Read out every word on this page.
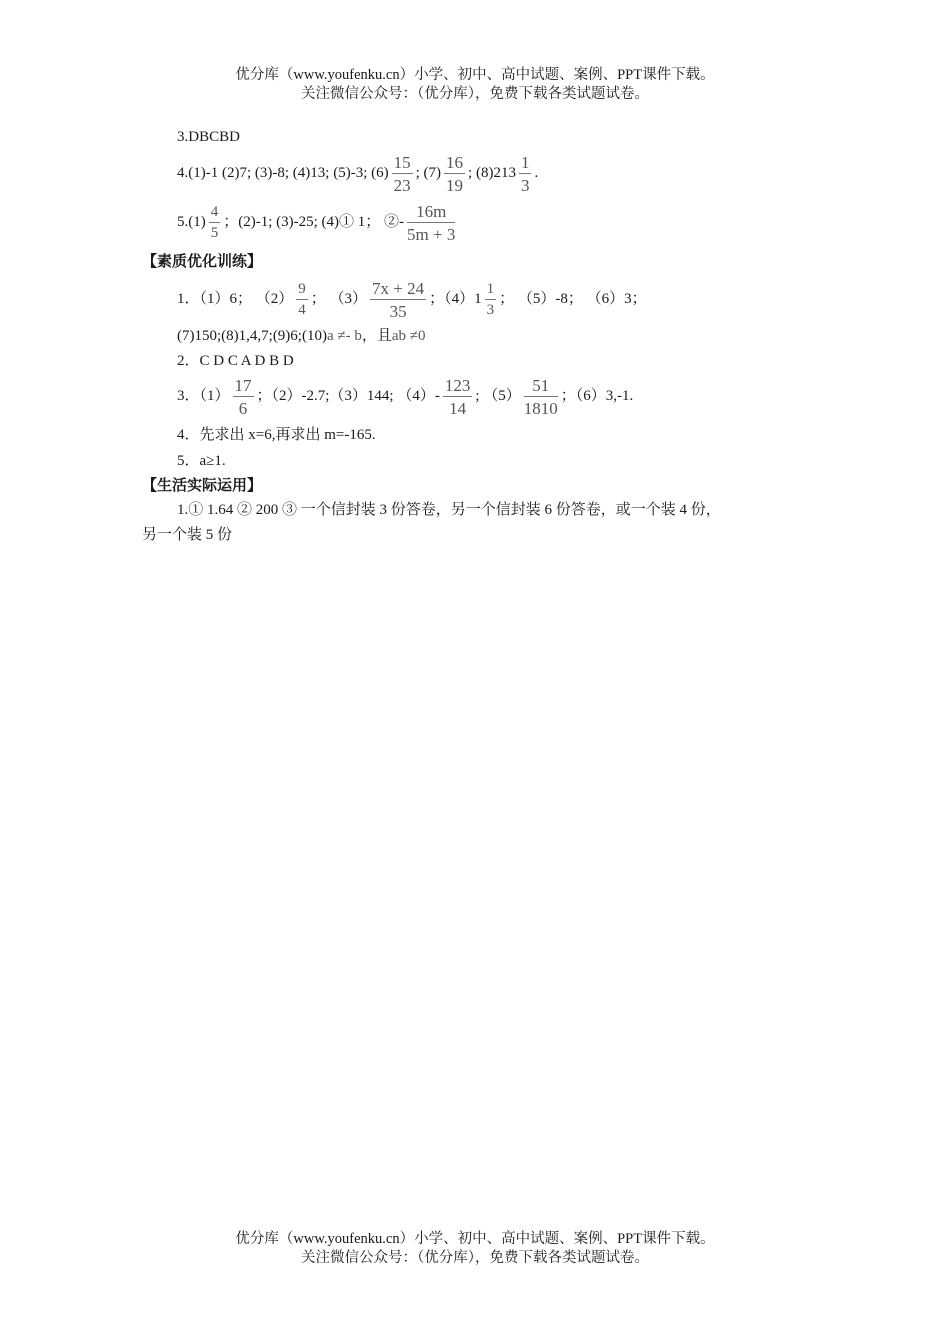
优分库（www.youfenku.cn）小学、初中、高中试题、案例、PPT课件下载。
关注微信公众号：（优分库），免费下载各类试题试卷。
3.DBCBD
4.(1)-1 (2)7; (3)-8; (4)13; (5)-3; $(6) \frac{15}{23}$ ; $(7) \frac{16}{19}$ ; $(8)213 \frac{1}{3}$ .
$5.(1) \frac{4}{5}$ ；(2)-1; (3)-25; (4)① 1； ②- $\frac{16m}{5m + 3}$
【素质优化训练】
1．（1）6； $(2) \frac{9}{4}$ ； $(3) \frac{7x + 24}{35}$ ；$(4)1 \frac{1}{3}$ ； （5）-8； （6）3；
(7)150;(8)1,4,7;(9)6;(10)a ≠- b，且ab ≠0
2．C D C A D B D
3．$(1) \frac{17}{6}$ ；（2）-2.7;（3）144; $(4)- \frac{123}{14}$ ; $(5) \frac{51}{1810}$ ；（6）3,-1.
4．先求出 x=6,再求出 m=-165.
5．a≥1.
【生活实际运用】
1.① 1.64 ② 200 ③ 一个信封装 3 份答卷，另一个信封装 6 份答卷，或一个装 4 份，
另一个装 5 份
优分库（www.youfenku.cn）小学、初中、高中试题、案例、PPT课件下载。
关注微信公众号：（优分库），免费下载各类试题试卷。
